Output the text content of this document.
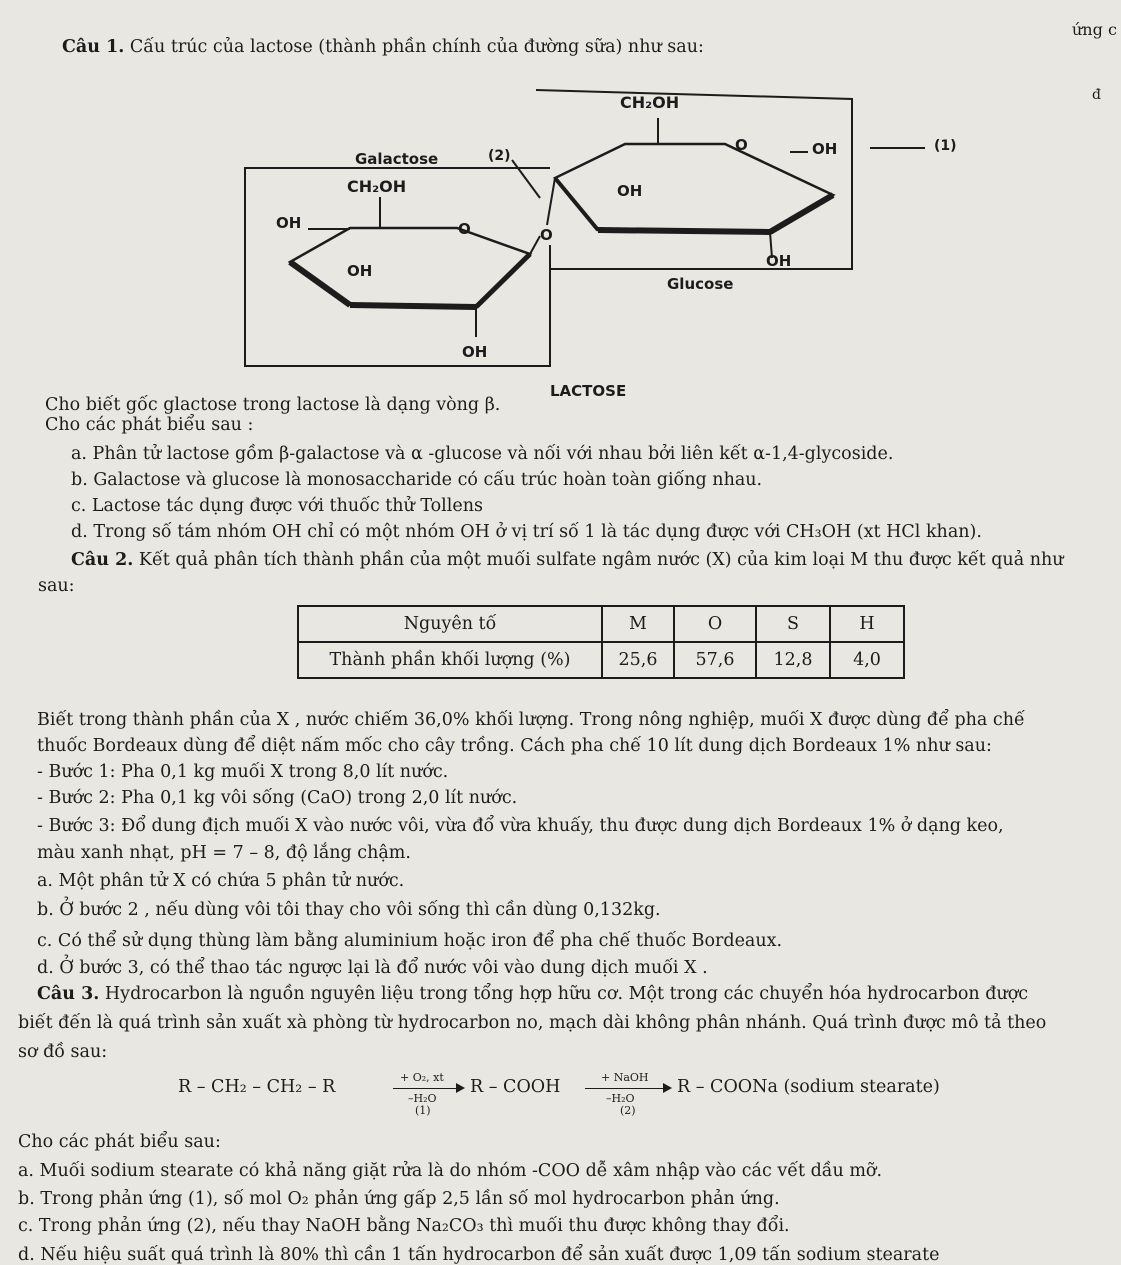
ứng c
đ
Câu 1. Cấu trúc của lactose (thành phần chính của đường sữa) như sau:
CH₂OH
O	OH	(1)
Galactose	(2)
CH₂OH	OH
OH	O	O
OH
OH
Glucose
OH
LACTOSE
Cho biết gốc glactose trong lactose là dạng vòng β.
Cho các phát biểu sau :
a. Phân tử lactose gồm β-galactose và α -glucose và nối với nhau bởi liên kết α-1,4-glycoside.
b. Galactose và glucose là monosaccharide có cấu trúc hoàn toàn giống nhau.
c. Lactose tác dụng được với thuốc thử Tollens
d. Trong số tám nhóm OH chỉ có một nhóm OH ở vị trí số 1 là tác dụng được với CH₃OH (xt HCl khan).
Câu 2. Kết quả phân tích thành phần của một muối sulfate ngâm nước (X) của kim loại M thu được kết quả như
sau:
Nguyên tố	M	O	S	H
Thành phần khối lượng (%)	25,6	57,6	12,8	4,0
Biết trong thành phần của X , nước chiếm 36,0% khối lượng. Trong nông nghiệp, muối X được dùng để pha chế
thuốc Bordeaux dùng để diệt nấm mốc cho cây trồng. Cách pha chế 10 lít dung dịch Bordeaux 1% như sau:
- Bước 1: Pha 0,1 kg muối X trong 8,0 lít nước.
- Bước 2: Pha 0,1 kg vôi sống (CaO) trong 2,0 lít nước.
- Bước 3: Đổ dung địch muối X vào nước vôi, vừa đổ vừa khuấy, thu được dung dịch Bordeaux 1% ở dạng keo,
màu xanh nhạt, pH = 7 – 8, độ lắng chậm.
a. Một phân tử X có chứa 5 phân tử nước.
b. Ở bước 2 , nếu dùng vôi tôi thay cho vôi sống thì cần dùng 0,132kg.
c. Có thể sử dụng thùng làm bằng aluminium hoặc iron để pha chế thuốc Bordeaux.
d. Ở bước 3, có thể thao tác ngược lại là đổ nước vôi vào dung dịch muối X .
Câu 3. Hydrocarbon là nguồn nguyên liệu trong tổng hợp hữu cơ. Một trong các chuyển hóa hydrocarbon được
biết đến là quá trình sản xuất xà phòng từ hydrocarbon no, mạch dài không phân nhánh. Quá trình được mô tả theo
sơ đồ sau:
R – CH₂ – CH₂ – R	+ O₂, xt
–H₂O
(1)
R – COOH	+ NaOH
–H₂O
(2)
R – COONa (sodium stearate)
Cho các phát biểu sau:
a. Muối sodium stearate có khả năng giặt rửa là do nhóm -COO dễ xâm nhập vào các vết dầu mỡ.
b. Trong phản ứng (1), số mol O₂ phản ứng gấp 2,5 lần số mol hydrocarbon phản ứng.
c. Trong phản ứng (2), nếu thay NaOH bằng Na₂CO₃ thì muối thu được không thay đổi.
d. Nếu hiệu suất quá trình là 80% thì cần 1 tấn hydrocarbon để sản xuất được 1,09 tấn sodium stearate
